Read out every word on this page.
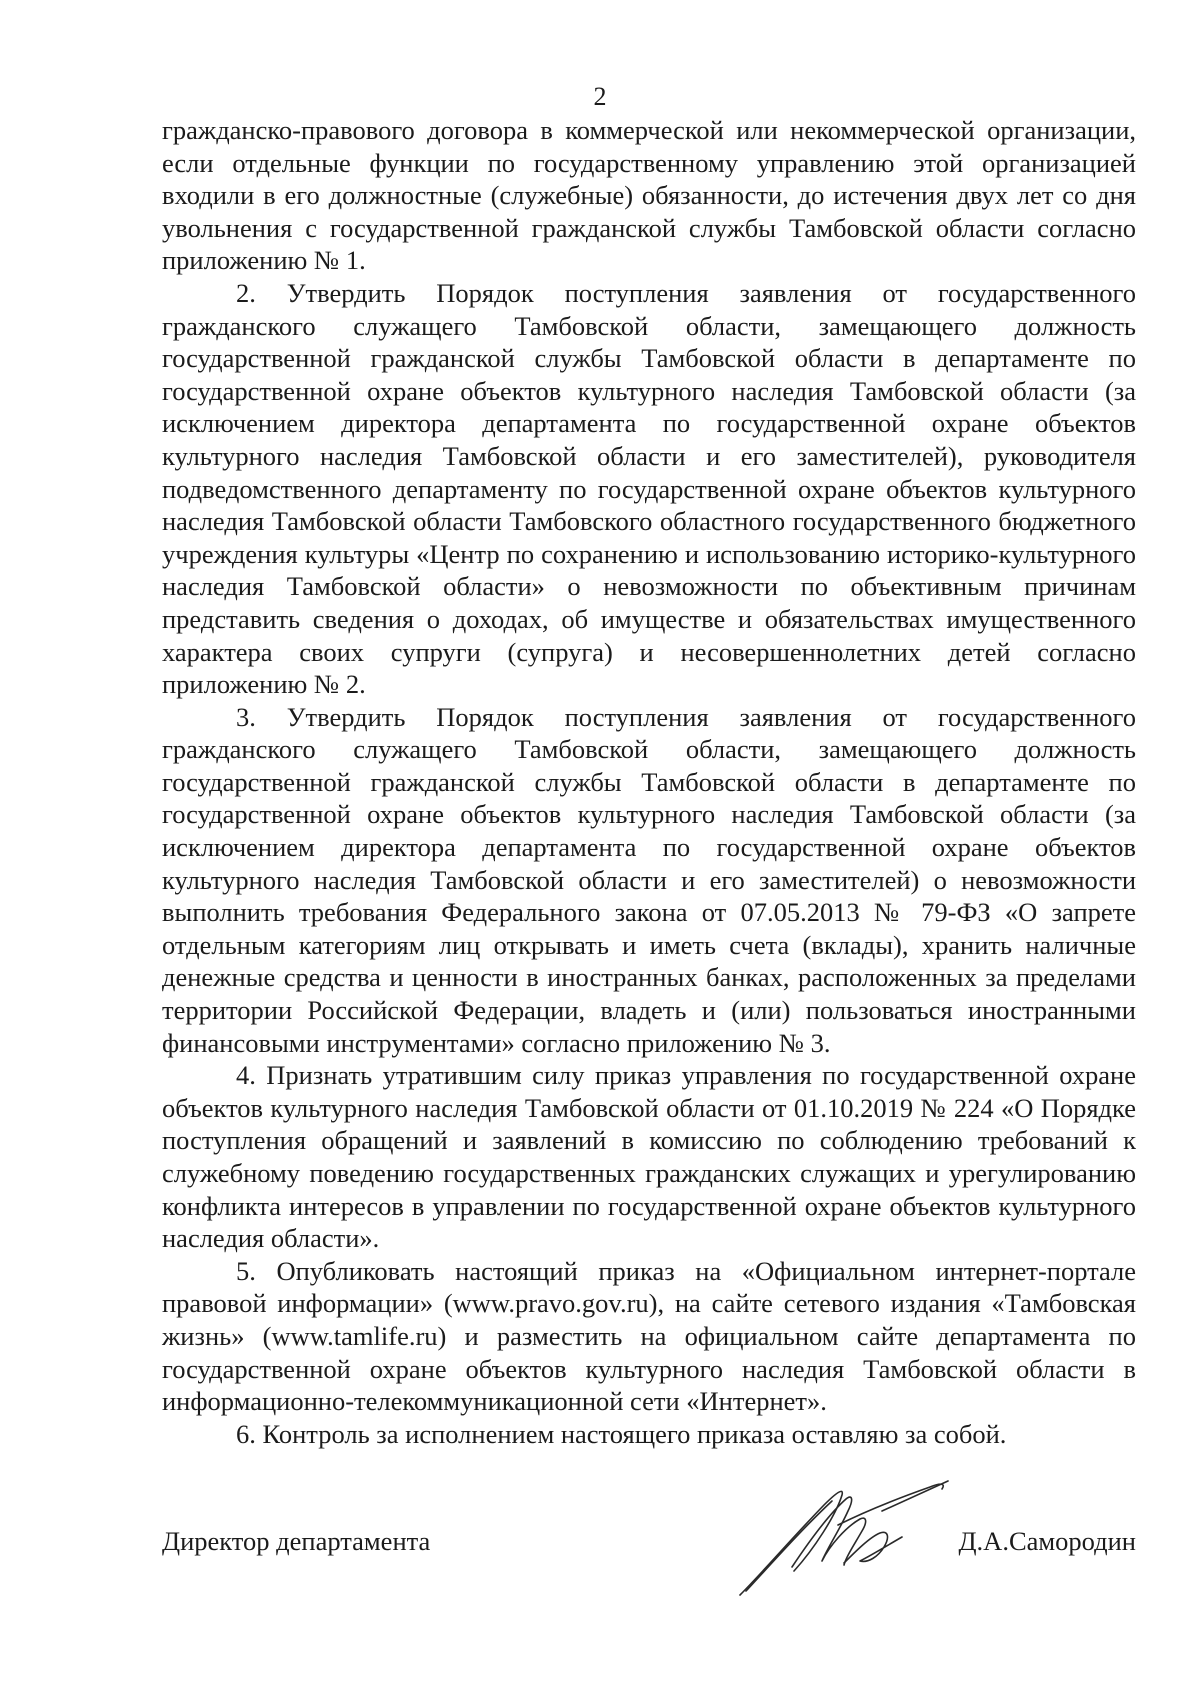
2

гражданско-правового договора в коммерческой или некоммерческой организации, если отдельные функции по государственному управлению этой организацией входили в его должностные (служебные) обязанности, до истечения двух лет со дня увольнения с государственной гражданской службы Тамбовской области согласно приложению № 1.

2. Утвердить Порядок поступления заявления от государственного гражданского служащего Тамбовской области, замещающего должность государственной гражданской службы Тамбовской области в департаменте по государственной охране объектов культурного наследия Тамбовской области (за исключением директора департамента по государственной охране объектов культурного наследия Тамбовской области и его заместителей), руководителя подведомственного департаменту по государственной охране объектов культурного наследия Тамбовской области Тамбовского областного государственного бюджетного учреждения культуры «Центр по сохранению и использованию историко-культурного наследия Тамбовской области» о невозможности по объективным причинам представить сведения о доходах, об имуществе и обязательствах имущественного характера своих супруги (супруга) и несовершеннолетних детей согласно приложению № 2.

3. Утвердить Порядок поступления заявления от государственного гражданского служащего Тамбовской области, замещающего должность государственной гражданской службы Тамбовской области в департаменте по государственной охране объектов культурного наследия Тамбовской области (за исключением директора департамента по государственной охране объектов культурного наследия Тамбовской области и его заместителей) о невозможности выполнить требования Федерального закона от 07.05.2013 № 79-ФЗ «О запрете отдельным категориям лиц открывать и иметь счета (вклады), хранить наличные денежные средства и ценности в иностранных банках, расположенных за пределами территории Российской Федерации, владеть и (или) пользоваться иностранными финансовыми инструментами» согласно приложению № 3.

4. Признать утратившим силу приказ управления по государственной охране объектов культурного наследия Тамбовской области от 01.10.2019 № 224 «О Порядке поступления обращений и заявлений в комиссию по соблюдению требований к служебному поведению государственных гражданских служащих и урегулированию конфликта интересов в управлении по государственной охране объектов культурного наследия области».

5. Опубликовать настоящий приказ на «Официальном интернет-портале правовой информации» (www.pravo.gov.ru), на сайте сетевого издания «Тамбовская жизнь» (www.tamlife.ru) и разместить на официальном сайте департамента по государственной охране объектов культурного наследия Тамбовской области в информационно-телекоммуникационной сети «Интернет».

6. Контроль за исполнением настоящего приказа оставляю за собой.

Директор департамента	Д.А.Самородин
